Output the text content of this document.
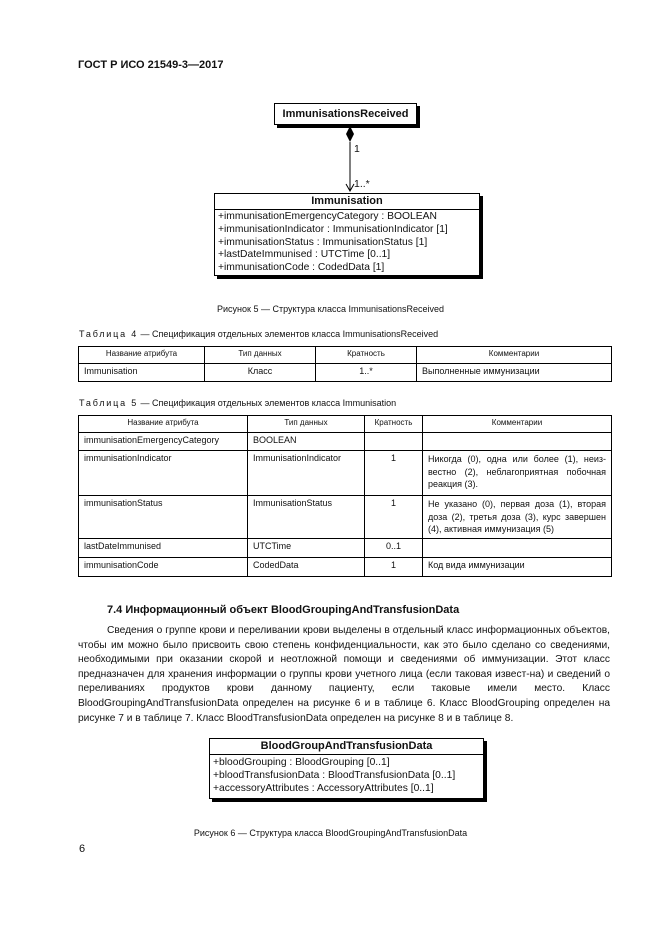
ГОСТ Р ИСО 21549-3—2017
ImmunisationsReceived
1
1..*
Immunisation
+immunisationEmergencyCategory : BOOLEAN
+immunisationIndicator : ImmunisationIndicator [1]
+immunisationStatus : ImmunisationStatus [1]
+lastDateImmunised : UTCTime [0..1]
+immunisationCode : CodedData [1]
Рисунок 5 — Структура класса ImmunisationsReceived
Таблица 4 — Спецификация отдельных элементов класса ImmunisationsReceived
Название атрибута	Тип данных	Кратность	Комментарии
Immunisation	Класс	1..*	Выполненные иммунизации
Таблица 5 — Спецификация отдельных элементов класса Immunisation
Название атрибута	Тип данных	Кратность	Комментарии
immunisationEmergencyCategory	BOOLEAN		
immunisationIndicator	ImmunisationIndicator	1	Никогда (0), одна или более (1), неиз-вестно (2), неблагоприятная побочная реакция (3).
immunisationStatus	ImmunisationStatus	1	Не указано (0), первая доза (1), вторая доза (2), третья доза (3), курс завершен (4), активная иммунизация (5)
lastDateImmunised	UTCTime	0..1	
immunisationCode	CodedData	1	Код вида иммунизации
7.4 Информационный объект BloodGroupingAndTransfusionData

Сведения о группе крови и переливании крови выделены в отдельный класс информационных объектов, чтобы им можно было присвоить свою степень конфиденциальности, как это было сделано со сведениями, необходимыми при оказании скорой и неотложной помощи и сведениями об иммунизации. Этот класс предназначен для хранения информации о группы крови учетного лица (если таковая извест-на) и сведений о переливаниях продуктов крови данному пациенту, если таковые имели место. Класс BloodGroupingAndTransfusionData определен на рисунке 6 и в таблице 6. Класс BloodGrouping определен на рисунке 7 и в таблице 7. Класс BloodTransfusionData определен на рисунке 8 и в таблице 8.

BloodGroupAndTransfusionData
+bloodGrouping : BloodGrouping [0..1]
+bloodTransfusionData : BloodTransfusionData [0..1]
+accessoryAttributes : AccessoryAttributes [0..1]
Рисунок 6 — Структура класса BloodGroupingAndTransfusionData
6
